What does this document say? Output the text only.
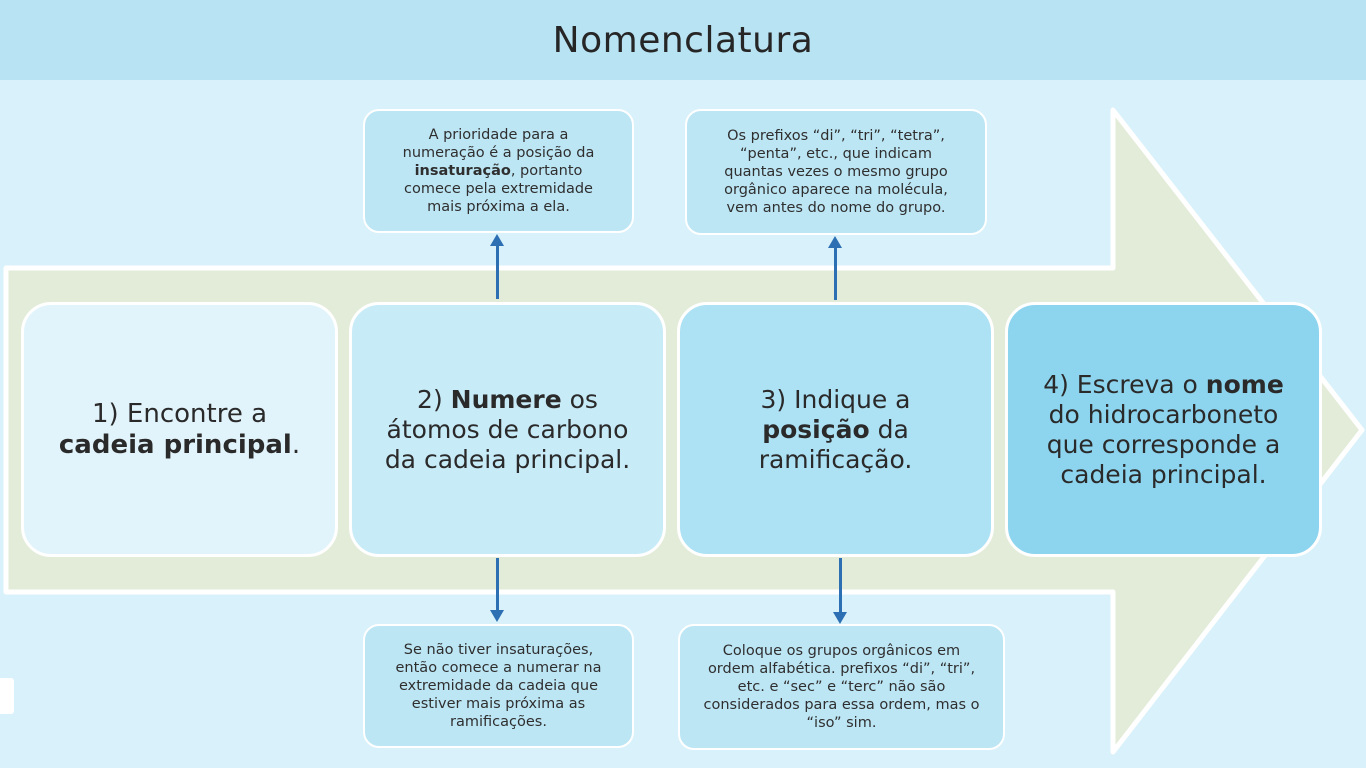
Nomenclatura
1) Encontre a cadeia principal.
2) Numere os átomos de carbono da cadeia principal.
3) Indique a posição da ramificação.
4) Escreva o nome do hidrocarboneto que corresponde a cadeia principal.
A prioridade para a numeração é a posição da insaturação, portanto comece pela extremidade mais próxima a ela.
Se não tiver insaturações, então comece a numerar na extremidade da cadeia que estiver mais próxima as ramificações.
Os prefixos “di”, “tri”, “tetra”, “penta”, etc., que indicam quantas vezes o mesmo grupo orgânico aparece na molécula, vem antes do nome do grupo.
Coloque os grupos orgânicos em ordem alfabética. prefixos “di”, “tri”, etc. e “sec” e “terc” não são considerados para essa ordem, mas o “iso” sim.
